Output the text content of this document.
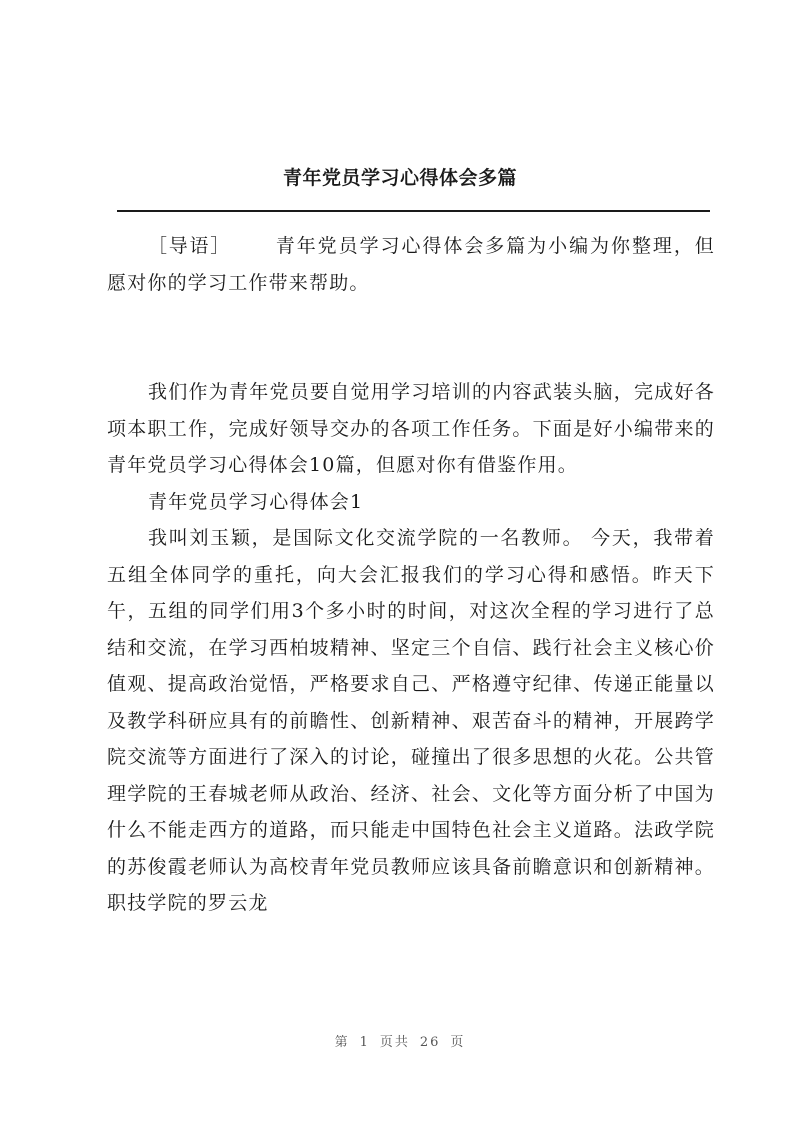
青年党员学习心得体会多篇

［导语］ 青年党员学习心得体会多篇为小编为你整理，但愿对你的学习工作带来帮助。

我们作为青年党员要自觉用学习培训的内容武装头脑，完成好各项本职工作，完成好领导交办的各项工作任务。下面是好小编带来的青年党员学习心得体会10篇，但愿对你有借鉴作用。

青年党员学习心得体会1

我叫刘玉颖，是国际文化交流学院的一名教师。 今天，我带着五组全体同学的重托，向大会汇报我们的学习心得和感悟。昨天下午，五组的同学们用3个多小时的时间，对这次全程的学习进行了总结和交流，在学习西柏坡精神、坚定三个自信、践行社会主义核心价值观、提高政治觉悟，严格要求自己、严格遵守纪律、传递正能量以及教学科研应具有的前瞻性、创新精神、艰苦奋斗的精神，开展跨学院交流等方面进行了深入的讨论，碰撞出了很多思想的火花。公共管理学院的王春城老师从政治、经济、社会、文化等方面分析了中国为什么不能走西方的道路，而只能走中国特色社会主义道路。法政学院的苏俊霞老师认为高校青年党员教师应该具备前瞻意识和创新精神。职技学院的罗云龙

第 1 页共 26 页
